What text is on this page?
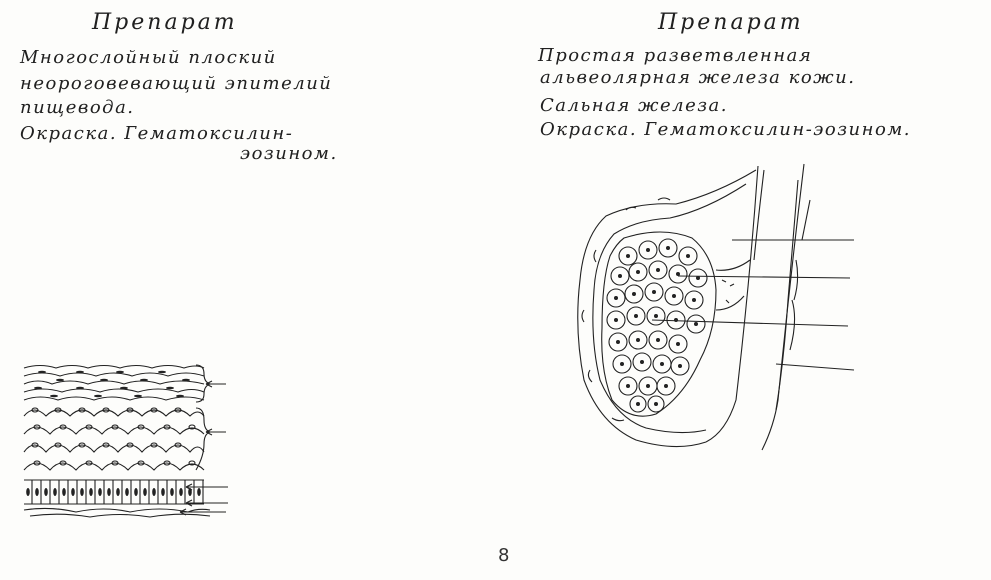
Препарат
Многослойный плоский
неороговевающий эпителий
пищевода.
Окраска. Гематоксилин-
эозином.
Препарат
Простая разветвленная
альвеолярная железа кожи.
Сальная железа.
Окраска. Гематоксилин-эозином.
8
